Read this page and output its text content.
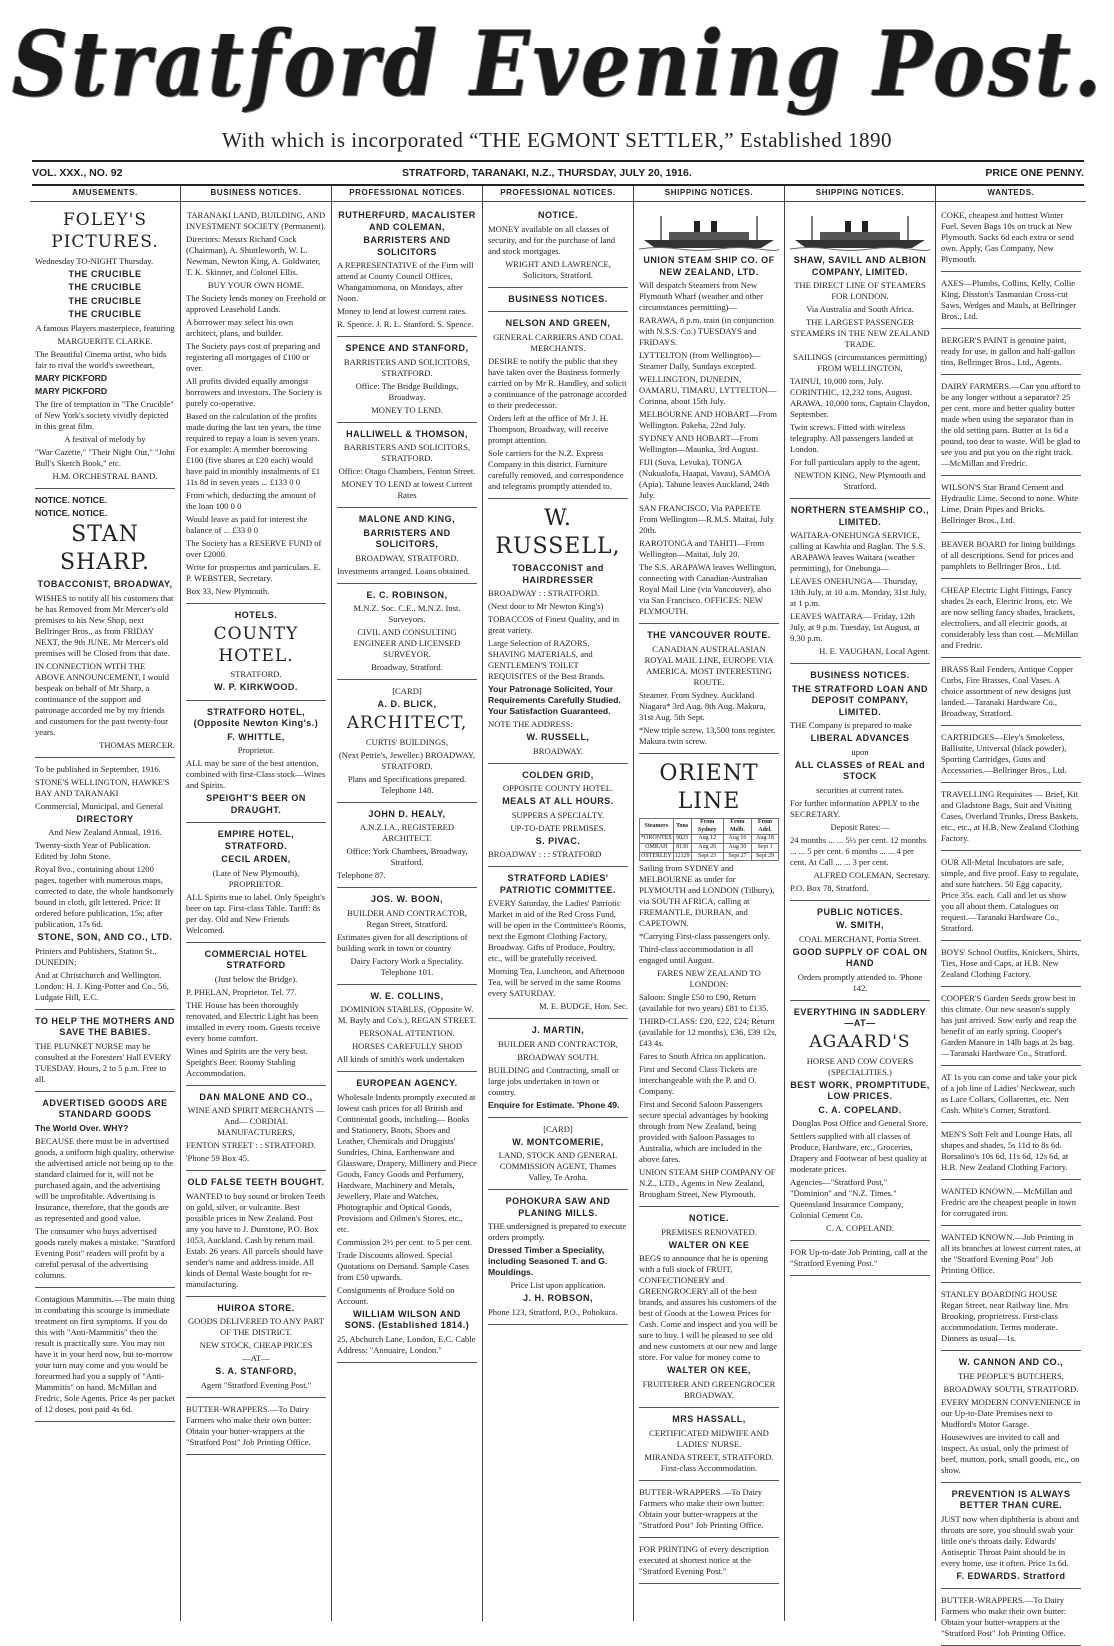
Stratford Evening Post.
With which is incorporated “THE EGMONT SETTLER,” Established 1890
VOL. XXX., NO. 92	STRATFORD, TARANAKI, N.Z., THURSDAY, JULY 20, 1916.	PRICE ONE PENNY.
AMUSEMENTS.

FOLEY'S PICTURES.

Wednesday TO-NIGHT Thursday.

THE CRUCIBLE

THE CRUCIBLE

THE CRUCIBLE

THE CRUCIBLE

A famous Players masterpiece, featuring

MARGUERITE CLARKE.

The Beautiful Cinema artist, who bids fair to rival the world's sweetheart,

MARY PICKFORD

MARY PICKFORD

The fire of temptation in "The Crucible" of New York's society vividly depicted in this great film.

A festival of melody by

"War Cazette," "Their Night Out," "John Bull's Sketch Book," etc.

H.M. ORCHESTRAL BAND.

NOTICE. NOTICE.

NOTICE. NOTICE.

STAN SHARP.

TOBACCONIST, BROADWAY,

WISHES to notify all his customers that he has Removed from Mr Mercer's old premises to his New Shop, next Bellringer Bros., as from FRIDAY NEXT, the 9th JUNE. Mr Mercer's old premises will be Closed from that date.

IN CONNECTION WITH THE ABOVE ANNOUNCEMENT, I would bespeak on behalf of Mr Sharp, a continuance of the support and patronage accorded me by my friends and customers for the past twenty-four years.

THOMAS MERCER.

To be published in September, 1916.

STONE'S WELLINGTON, HAWKE'S BAY AND TARANAKI

Commercial, Municipal, and General

DIRECTORY

And New Zealand Annual, 1916.

Twenty-sixth Year of Publication. Edited by John Stone.

Royal 8vo., containing about 1200 pages, together with numerous maps, corrected to date, the whole handsomely bound in cloth, gilt lettered. Price: If ordered before publication, 15s; after publication, 17s 6d.

STONE, SON, AND CO., LTD.

Printers and Publishers, Station St., DUNEDIN;

And at Christchurch and Wellington. London: H. J. King-Potter and Co., 56, Ludgate Hill, E.C.

TO HELP THE MOTHERS AND SAVE THE BABIES.

THE PLUNKET NURSE may be consulted at the Foresters' Hall EVERY TUESDAY. Hours, 2 to 5 p.m. Free to all.

ADVERTISED GOODS ARE STANDARD GOODS

The World Over. WHY?

BECAUSE there must be in advertised goods, a uniform high quality, otherwise the advertised article not being up to the standard claimed for it, will not be purchased again, and the advertising will be unprofitable. Advertising is Insurance, therefore, that the goods are as represented and good value.

The consumer who buys advertised goods rarely makes a mistake. "Stratford Evening Post" readers will profit by a careful perusal of the advertising columns.

Contagious Mammitis.—The main thing in combating this scourge is immediate treatment on first symptoms. If you do this with "Anti-Mammitis" then the result is practically sure. You may not have it in your herd now, but to-morrow your turn may come and you would be forearmed had you a supply of "Anti-Mammitis" on hand. McMillan and Fredric, Sole Agents. Price 4s per packet of 12 doses, post paid 4s 6d.

BUSINESS NOTICES.

TARANAKI LAND, BUILDING, AND INVESTMENT SOCIETY (Permanent).

Directors: Messrs Richard Cock (Chairman), A. Shuttleworth, W. L. Newman, Newton King, A. Goldwater, T. K. Skinner, and Colonel Ellis.

BUY YOUR OWN HOME.

The Society lends money on Freehold or approved Leasehold Lands.

A borrower may select his own architect, plans, and builder.

The Society pays cost of preparing and registering all mortgages of £100 or over.

All profits divided equally amongst borrowers and investors. The Society is purely co-operative.

Based on the calculation of the profits made during the last ten years, the time required to repay a loan is seven years. For example: A member borrowing £100 (five shares at £20 each) would have paid in monthly instalments of £1 11s 8d in seven years ... £133 0 0

From which, deducting the amount of the loan 100 0 0

Would leave as paid for interest the balance of ... £33 0 0

The Society has a RESERVE FUND of over £2000.

Write for prospectus and particulars. E. P. WEBSTER, Secretary.

Box 33, New Plymouth.

HOTELS.

COUNTY HOTEL.

STRATFORD.

W. P. KIRKWOOD.

STRATFORD HOTEL, (Opposite Newton King's.)

F. WHITTLE,

Proprietor.

ALL may be sure of the best attention, combined with first-Class stock—Wines and Spirits.

SPEIGHT'S BEER ON DRAUGHT.

EMPIRE HOTEL, STRATFORD.

CECIL ARDEN,

(Late of New Plymouth), PROPRIETOR.

ALL Spirits true to label. Only Speight's beer on tap. First-class Table. Tariff: 8s per day. Old and New Friends Welcomed.

COMMERCIAL HOTEL STRATFORD

(Just below the Bridge).

P. PHELAN, Proprietor. Tel. 77.

THE House has been thoroughly renovated, and Electric Light has been installed in every room. Guests receive every home comfort.

Wines and Spirits are the very best. Speight's Beer. Roomy Stabling Accommodation.

DAN MALONE AND CO.,

WINE AND SPIRIT MERCHANTS —And— CORDIAL MANUFACTURERS,

FENTON STREET : : STRATFORD.

'Phone 59 Box 45.

OLD FALSE TEETH BOUGHT.

WANTED to buy sound or broken Teeth on gold, silver, or vulcanite. Best possible prices in New Zealand. Post any you have to J. Dunstone, P.O. Box 1053, Auckland. Cash by return mail. Estab. 26 years. All parcels should have sender's name and address inside. All kinds of Dental Waste bought for re-manufacturing.

HUIROA STORE.

GOODS DELIVERED TO ANY PART OF THE DISTRICT.

NEW STOCK, CHEAP PRICES

—AT—

S. A. STANFORD,

Agent "Stratford Evening Post."

BUTTER-WRAPPERS.—To Dairy Farmers who make their own butter: Obtain your butter-wrappers at the "Stratford Post" Job Printing Office.

PROFESSIONAL NOTICES.

RUTHERFURD, MACALISTER AND COLEMAN,

BARRISTERS AND SOLICITORS

A REPRESENTATIVE of the Firm will attend at County Council Offices, Whangamomona, on Mondays, after Noon.

Money to lend at lowest current rates.

R. Spence. J. R. L. Stanford. S. Spence.

SPENCE AND STANFORD,

BARRISTERS AND SOLICITORS, STRATFORD.

Office: The Bridge Buildings, Broadway.

MONEY TO LEND.

HALLIWELL & THOMSON,

BARRISTERS AND SOLICITORS, STRATFORD.

Office: Otago Chambers, Fenton Street.

MONEY TO LEND at lowest Current Rates

MALONE AND KING,

BARRISTERS AND SOLICITORS,

BROADWAY, STRATFORD.

Investments arranged. Loans obtained.

E. C. ROBINSON,

M.N.Z. Soc. C.E., M.N.Z. Inst. Surveyors.

CIVIL AND CONSULTING ENGINEER AND LICENSED SURVEYOR.

Broadway, Stratford.

[CARD]

A. D. BLICK,

ARCHITECT,

CURTIS' BUILDINGS,

(Next Petrie's, Jeweller.) BROADWAY, STRATFORD.

Plans and Specifications prepared. Telephone 148.

JOHN D. HEALY,

A.N.Z.I.A., REGISTERED ARCHITECT.

Office: York Chambers, Broadway, Stratford.

Telephone 87.

JOS. W. BOON,

BUILDER AND CONTRACTOR, Regan Street, Stratford.

Estimates given for all descriptions of building work in town or country

Dairy Factory Work a Speciality. Telephone 101.

W. E. COLLINS,

DOMINION STABLES, (Opposite W. M. Bayly and Co's.), REGAN STREET.

PERSONAL ATTENTION.

HORSES CAREFULLY SHOD

All kinds of smith's work undertaken

EUROPEAN AGENCY.

Wholesale Indents promptly executed at lowest cash prices for all British and Continental goods, including— Books and Stationery, Boots, Shoes and Leather, Chemicals and Druggists' Sundries, China, Earthenware and Glassware, Drapery, Millinery and Piece Goods, Fancy Goods and Perfumery, Hardware, Machinery and Metals, Jewellery, Plate and Watches, Photographic and Optical Goods, Provisions and Oilmen's Stores, etc., etc.

Commission 2½ per cent. to 5 per cent.

Trade Discounts allowed. Special Quotations on Demand. Sample Cases from £50 upwards.

Consignments of Produce Sold on Account.

WILLIAM WILSON AND SONS. (Established 1814.)

25, Abchurch Lane, London, E.C. Cable Address: "Annuaire, London."

PROFESSIONAL NOTICES.

NOTICE.

MONEY available on all classes of security, and for the purchase of land and stock mortgages.

WRIGHT AND LAWRENCE, Solicitors, Stratford.

BUSINESS NOTICES.

NELSON AND GREEN,

GENERAL CARRIERS AND COAL MERCHANTS.

DESIRE to notify the public that they have taken over the Business formerly carried on by Mr R. Handley, and solicit a continuance of the patronage accorded to their predecessor.

Orders left at the office of Mr J. H. Thompson, Broadway, will receive prompt attention.

Sole carriers for the N.Z. Express Company in this district. Furniture carefully removed, and correspondence and telegrams promptly attended to.

W. RUSSELL,

TOBACCONIST and HAIRDRESSER

BROADWAY : : STRATFORD.

(Next door to Mr Newton King's)

TOBACCOS of Finest Quality, and in great variety.

Large Selection of RAZORS, SHAVING MATERIALS, and GENTLEMEN'S TOILET REQUISITES of the Best Brands.

Your Patronage Solicited, Your Requirements Carefully Studied. Your Satisfaction Guaranteed.

NOTE THE ADDRESS:

W. RUSSELL,

BROADWAY.

COLDEN GRID,

OPPOSITE COUNTY HOTEL.

MEALS AT ALL HOURS.

SUPPERS A SPECIALTY.

UP-TO-DATE PREMISES.

S. PIVAC.

BROADWAY : : : STRATFORD

STRATFORD LADIES' PATRIOTIC COMMITTEE.

EVERY Saturday, the Ladies' Patriotic Market in aid of the Red Cross Fund, will be open in the Committee's Rooms, next the Egmont Clothing Factory, Broadway. Gifts of Produce, Poultry, etc., will be gratefully received.

Morning Tea, Luncheon, and Afternoon Tea, will be served in the same Rooms every SATURDAY.

M. E. BUDGE, Hon. Sec.

J. MARTIN,

BUILDER AND CONTRACTOR,

BROADWAY SOUTH.

BUILDING and Contracting, small or large jobs undertaken in town or country.

Enquire for Estimate. 'Phone 49.

[CARD]

W. MONTCOMERIE,

LAND, STOCK AND GENERAL COMMISSION AGENT, Thames Valley, Te Aroha.

POHOKURA SAW AND PLANING MILLS.

THE undersigned is prepared to execute orders promptly.

Dressed Timber a Speciality, including Seasoned T. and G. Mouldings.

Price List upon application.

J. H. ROBSON,

Phone 123, Stratford, P.O., Pohokura.

SHIPPING NOTICES.

UNION STEAM SHIP CO. OF NEW ZEALAND, LTD.

Will despatch Steamers from New Plymouth Wharf (weather and other circumstances permitting)—

RARAWA, 8 p.m. train (in conjunction with N.S.S. Co.) TUESDAYS and FRIDAYS.

LYTTELTON (from Wellington)—Steamer Daily, Sundays excepted.

WELLINGTON, DUNEDIN, OAMARU, TIMARU, LYTTELTON—Corinna, about 15th July.

MELBOURNE AND HOBART—From Wellington. Pakeha, 22nd July.

SYDNEY AND HOBART—From Wellington—Maunka, 3rd August.

FIJI (Suva, Levuka), TONGA (Nukualofa, Haapai, Vavau), SAMOA (Apia). Tahune leaves Auckland, 24th July.

SAN FRANCISCO, Via PAPEETE From Wellington—R.M.S. Maitai, July 20th.

RAROTONGA and TAHITI—From Wellington—Maitai, July 20.

The S.S. ARAPAWA leaves Wellington, connecting with Canadian-Australian Royal Mail Line (via Vancouver), also via San Francisco. OFFICES: NEW PLYMOUTH.

THE VANCOUVER ROUTE.

CANADIAN AUSTRALASIAN ROYAL MAIL LINE, EUROPE VIA AMERICA. MOST INTERESTING ROUTE.

Steamer. From Sydney. Auckland Niagara* 3rd Aug. 8th Aug. Makura, 31st Aug. 5th Sept.

*New triple screw, 13,500 tons register. Makura twin screw.

ORIENT LINE

Steamers	Tons	From Sydney	From Melb.	From Adel.
*ORONTES	9023	Aug 12	Aug 16	Aug 18
OMRAH	8130	Aug 26	Aug 30	Sept 1
OSTERLEY	12129	Sept 23	Sept 27	Sept 29

Sailing from SYDNEY and MELBOURNE as under for PLYMOUTH and LONDON (Tilbury), via SOUTH AFRICA, calling at FREMANTLE, DURBAN, and CAPETOWN.

*Carrying First-class passengers only.

Third-class accommodation is all engaged until August.

FARES NEW ZEALAND TO LONDON:

Saloon: Single £50 to £90, Return (available for two years) £81 to £135.

THIRD-CLASS: £20, £22, £24; Return (available for 12 months), £36, £39 12s, £43 4s.

Fares to South Africa on application.

First and Second Class Tickets are interchangeable with the P. and O. Company.

First and Second Saloon Passengers secure special advantages by booking through from New Zealand, being provided with Saloon Passages to Australia, which are included in the above fares.

UNION STEAM SHIP COMPANY OF N.Z., LTD., Agents in New Zealand, Brougham Street, New Plymouth.

NOTICE.

PREMISES RENOVATED.

WALTER ON KEE

BEGS to announce that he is opening with a full stock of FRUIT, CONFECTIONERY and GREENGROCERY all of the best brands, and assures his customers of the best of Goods at the Lowest Prices for Cash. Come and inspect and you will be sure to buy. I will be pleased to see old and new customers at our new and large store. For value for money come to

WALTER ON KEE,

FRUITERER AND GREENGROCER BROADWAY.

MRS HASSALL,

CERTIFICATED MIDWIFE AND LADIES' NURSE.

MIRANDA STREET, STRATFORD. First-class Accommodation.

BUTTER-WRAPPERS.—To Dairy Farmers who make their own butter: Obtain your butter-wrappers at the "Stratford Post" Job Printing Office.

FOR PRINTING of every description executed at shortest notice at the "Stratford Evening Post."

SHIPPING NOTICES.

SHAW, SAVILL AND ALBION COMPANY, LIMITED.

THE DIRECT LINE OF STEAMERS FOR LONDON.

Via Australia and South Africa.

THE LARGEST PASSENGER STEAMERS IN THE NEW ZEALAND TRADE.

SAILINGS (circumstances permitting) FROM WELLINGTON,

TAINUI, 10,000 tons, July. CORINTHIC, 12,232 tons, August. ARAWA, 10,000 tons, Captain Claydon, September.

Twin screws. Fitted with wireless telegraphy. All passengers landed at London.

For full particulars apply to the agent,

NEWTON KING, New Plymouth and Stratford.

NORTHERN STEAMSHIP CO., LIMITED.

WAITARA-ONEHUNGA SERVICE, calling at Kawhia and Raglan. The S.S. ARAPAWA leaves Waitara (weather permitting), for Onehunga—

LEAVES ONEHUNGA— Thursday, 13th July, at 10 a.m. Monday, 31st July, at 1 p.m.

LEAVES WAITARA— Friday, 12th July, at 9 p.m. Tuesday, 1st August, at 9.30 p.m.

H. E. VAUGHAN, Local Agent.

BUSINESS NOTICES.

THE STRATFORD LOAN AND DEPOSIT COMPANY, LIMITED.

THE Company is prepared to make

LIBERAL ADVANCES

upon

ALL CLASSES of REAL and STOCK

securities at current rates.

For further information APPLY to the SECRETARY.

Deposit Rates:—

24 months ... ... 5½ per cent. 12 months ... ... 5 per cent. 6 months ... ... 4 per cent. At Call ... ... 3 per cent.

ALFRED COLEMAN, Secretary.

P.O. Box 78, Stratford.

PUBLIC NOTICES.

W. SMITH,

COAL MERCHANT, Portia Street.

GOOD SUPPLY OF COAL ON HAND

Orders promptly attended to. 'Phone 142.

EVERYTHING IN SADDLERY —AT—

AGAARD'S

HORSE AND COW COVERS (SPECIALITIES.)

BEST WORK, PROMPTITUDE, LOW PRICES.

C. A. COPELAND.

Douglas Post Office and General Store.

Settlers supplied with all classes of Produce, Hardware, etc., Groceries, Drapery and Footwear of best quality at moderate prices.

Agencies—"Stratford Post," "Dominion" and "N.Z. Times." Queensland Insurance Company, Colonial Cement Co.

C. A. COPELAND.

FOR Up-to-date Job Printing, call at the "Stratford Evening Post."

WANTEDS.

COKE, cheapest and hottest Winter Fuel. Seven Bags 10s on truck at New Plymouth. Sacks 6d each extra or send own. Apply, Gas Company, New Plymouth.

AXES—Plumbs, Collins, Kelly, Collie King, Disston's Tasmanian Cross-cut Saws, Wedges and Mauls, at Bellringer Bros., Ltd.

BERGER'S PAINT is genuine paint, ready for use, in gallon and half-gallon tins, Bellringer Bros., Ltd., Agents.

DAIRY FARMERS.—Can you afford to be any longer without a separator? 25 per cent. more and better quality butter made when using the separator than in the old setting pans. Butter at 1s 6d a pound, too dear to waste. Will be glad to see you and put you on the right track.—McMillan and Fredric.

WILSON'S Star Brand Cement and Hydraulic Lime. Second to none. White Lime, Drain Pipes and Bricks. Bellringer Bros., Ltd.

BEAVER BOARD for lining buildings of all descriptions. Send for prices and pamphlets to Bellringer Bros., Ltd.

CHEAP Electric Light Fittings, Fancy shades 2s each, Electric Irons, etc. We are now selling fancy shades, brackets, electroliers, and all electric goods, at considerably less than cost.—McMillan and Fredric.

BRASS Rail Fenders, Antique Copper Curbs, Fire Brasses, Coal Vases. A choice assortment of new designs just landed.—Taranaki Hardware Co., Broadway, Stratford.

CARTRIDGES—Eley's Smokeless, Ballistite, Universal (black powder), Sporting Cartridges, Guns and Accessories.—Bellringer Bros., Ltd.

TRAVELLING Requisites — Brief, Kit and Gladstone Bags, Suit and Visiting Cases, Overland Trunks, Dress Baskets, etc., etc., at H.B. New Zealand Clothing Factory.

OUR All-Metal Incubators are safe, simple, and five proof. Easy to regulate, and sure hatchers. 50 Egg capacity, Price 35s. each. Call and let us show you all about them. Catalogues on request.—Taranaki Hardware Co., Stratford.

BOYS' School Outfits, Knickers, Shirts, Ties, Hose and Caps, at H.B. New Zealand Clothing Factory.

COOPER'S Garden Seeds grow best in this climate. Our new season's supply has just arrived. Sow early and reap the benefit of an early spring. Cooper's Garden Manure in 14lb bags at 2s bag.—Taranaki Hardware Co., Stratford.

AT 1s you can come and take your pick of a job line of Ladies' Neckwear, such as Lace Collars, Collarettes, etc. Nett Cash. White's Corner, Stratford.

MEN'S Soft Felt and Lounge Hats, all shapes and shades, 5s 11d to 8s 6d. Borsalino's 10s 6d, 11s 6d, 12s 6d, at H.B. New Zealand Clothing Factory.

WANTED KNOWN.—McMillan and Fredric are the cheapest people in town for corrugated iron.

WANTED KNOWN.—Job Printing in all its branches at lowest current rates, at the "Stratford Evening Post" Job Printing Office.

STANLEY BOARDING HOUSE Regan Street, near Railway line, Mrs Brooking, proprietress. First-class accommodation. Terms moderate. Dinners as usual—1s.

W. CANNON AND CO.,

THE PEOPLE'S BUTCHERS,

BROADWAY SOUTH, STRATFORD.

EVERY MODERN CONVENIENCE in our Up-to-Date Premises next to Mudford's Motor Garage.

Housewives are invited to call and inspect. As usual, only the primest of beef, mutton, pork, small goods, etc., on show.

PREVENTION IS ALWAYS BETTER THAN CURE.

JUST now when diphtheria is about and throats are sore, you should swab your little one's throats daily. Edwards' Antiseptic Throat Paint should be in every home, use it often. Price 1s 6d.

F. EDWARDS. Stratford

BUTTER-WRAPPERS.—To Dairy Farmers who make their own butter: Obtain your butter-wrappers at the "Stratford Post" Job Printing Office.
